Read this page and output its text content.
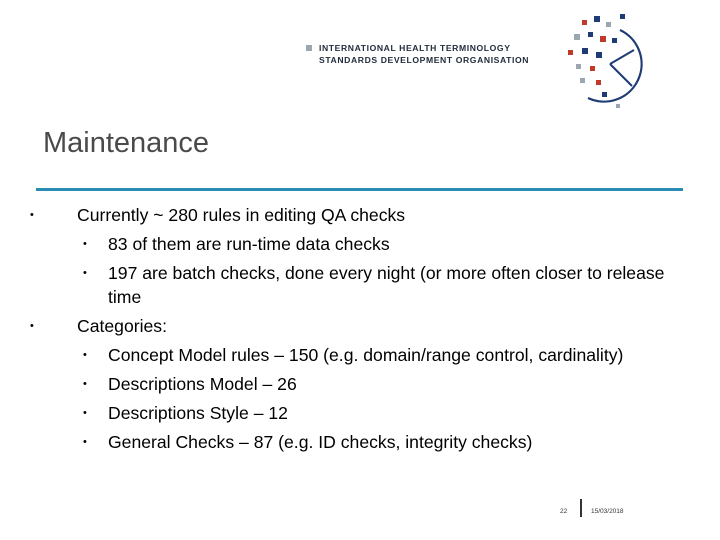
INTERNATIONAL HEALTH TERMINOLOGY
STANDARDS DEVELOPMENT ORGANISATION
Maintenance
• Currently ~ 280 rules in editing QA checks
• 83 of them are run-time data checks
• 197 are batch checks, done every night (or more often closer to release time
• Categories:
• Concept Model rules – 150 (e.g. domain/range control, cardinality)
• Descriptions Model – 26
• Descriptions Style – 12
• General Checks – 87 (e.g. ID checks, integrity checks)
22	15/03/2018
